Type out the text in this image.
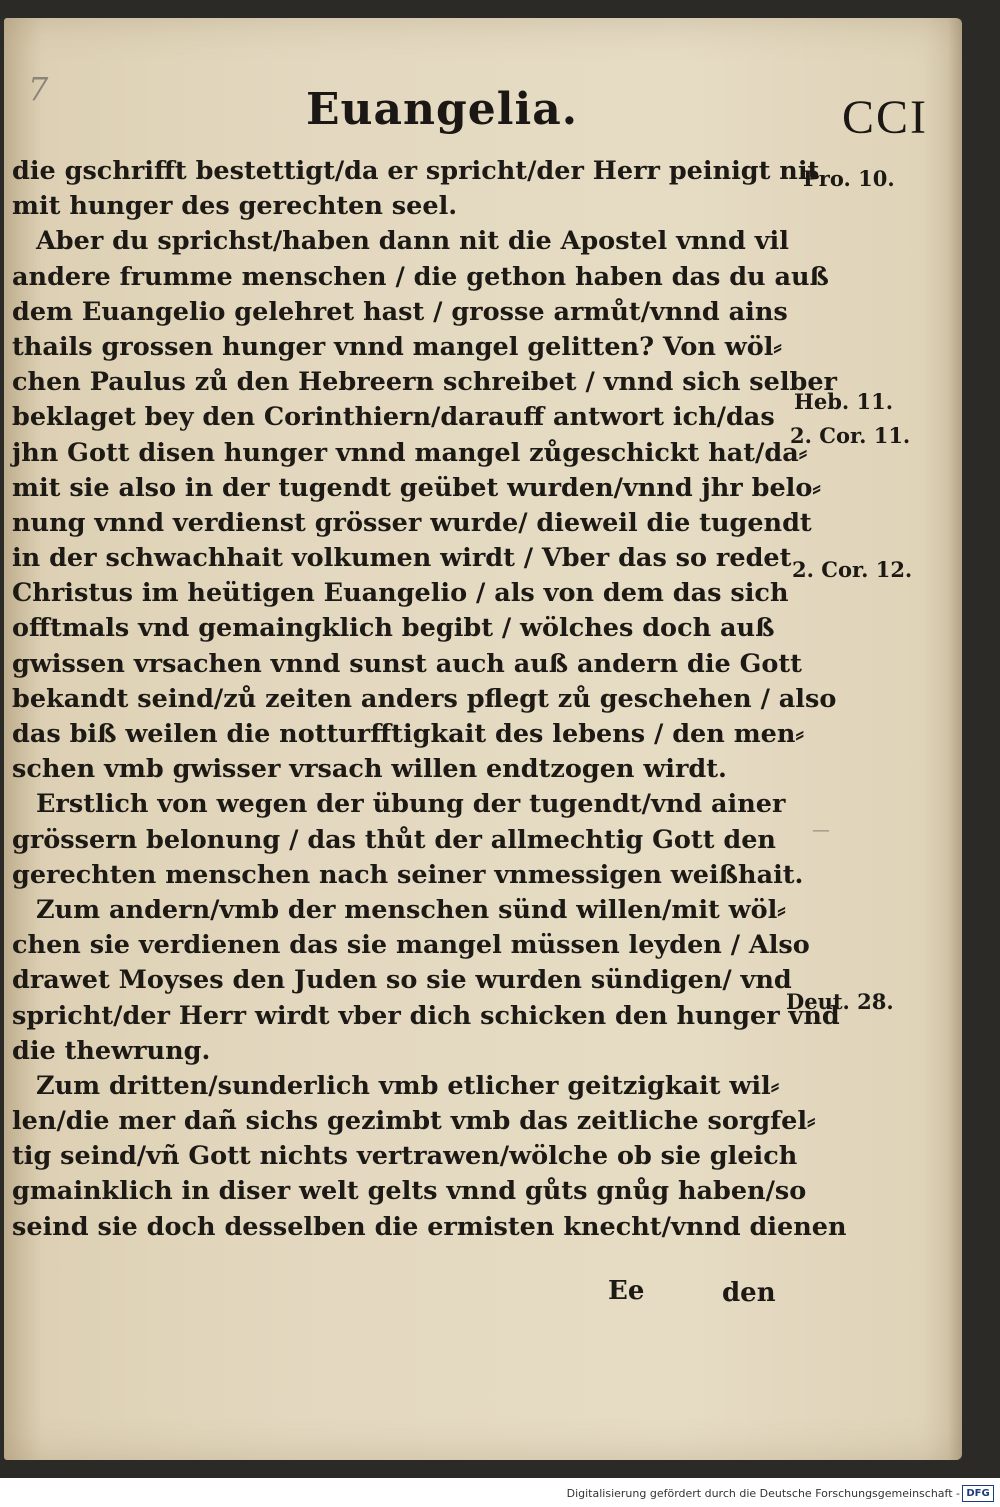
7	Euangelia.	CCI
die gschrifft bestettigt/da er spricht/der Herr peinigt nit
mit hunger des gerechten seel.
Aber du sprichst/haben dann nit die Apostel vnnd vil
andere frumme menschen / die gethon haben das du auß
dem Euangelio gelehret hast / grosse armůt/vnnd ains
thails grossen hunger vnnd mangel gelitten? Von wöl⸗
chen Paulus zů den Hebreern schreibet / vnnd sich selber
beklaget bey den Corinthiern/darauff antwort ich/das
jhn Gott disen hunger vnnd mangel zůgeschickt hat/da⸗
mit sie also in der tugendt geübet wurden/vnnd jhr belo⸗
nung vnnd verdienst grösser wurde/ dieweil die tugendt
in der schwachhait volkumen wirdt / Vber das so redet
Christus im heütigen Euangelio / als von dem das sich
offtmals vnd gemaingklich begibt / wölches doch auß
gwissen vrsachen vnnd sunst auch auß andern die Gott
bekandt seind/zů zeiten anders pflegt zů geschehen / also
das biß weilen die notturfftigkait des lebens / den men⸗
schen vmb gwisser vrsach willen endtzogen wirdt.
Erstlich von wegen der übung der tugendt/vnd ainer
grössern belonung / das thůt der allmechtig Gott den
gerechten menschen nach seiner vnmessigen weißhait.
Zum andern/vmb der menschen sünd willen/mit wöl⸗
chen sie verdienen das sie mangel müssen leyden / Also
drawet Moyses den Juden so sie wurden sündigen/ vnd
spricht/der Herr wirdt vber dich schicken den hunger vnd
die thewrung.
Zum dritten/sunderlich vmb etlicher geitzigkait wil⸗
len/die mer dañ sichs gezimbt vmb das zeitliche sorgfel⸗
tig seind/vñ Gott nichts vertrawen/wölche ob sie gleich
gmainklich in diser welt gelts vnnd gůts gnůg haben/so
seind sie doch desselben die ermisten knecht/vnnd dienen
Pro. 10.
Heb. 11.
2. Cor. 11.
2. Cor. 12.
Deut. 28.
—
Ee	den
Digitalisierung gefördert durch die Deutsche Forschungsgemeinschaft - DFG
